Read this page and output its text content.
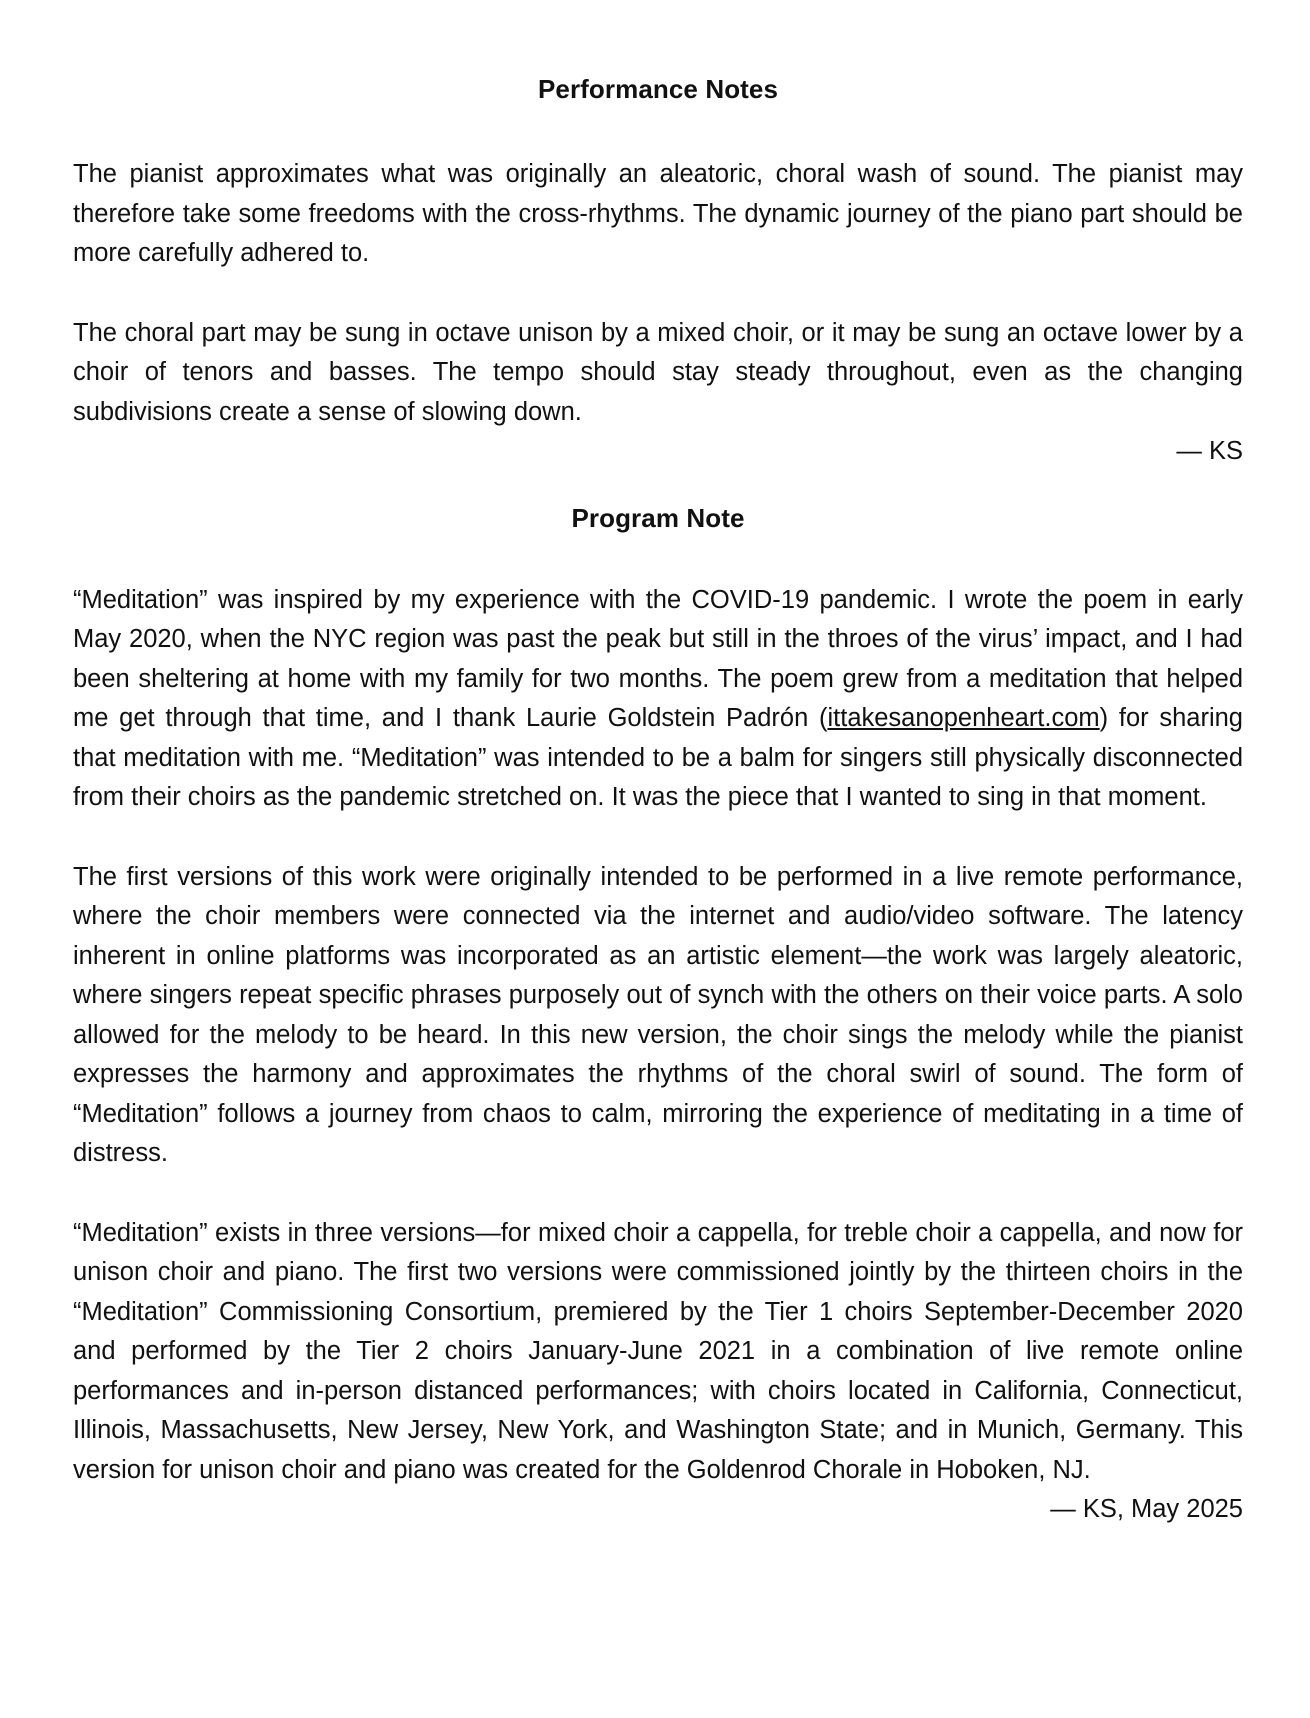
Performance Notes

The pianist approximates what was originally an aleatoric, choral wash of sound. The pianist may therefore take some freedoms with the cross-rhythms. The dynamic journey of the piano part should be more carefully adhered to.

The choral part may be sung in octave unison by a mixed choir, or it may be sung an octave lower by a choir of tenors and basses. The tempo should stay steady throughout, even as the changing subdivisions create a sense of slowing down.

— KS
Program Note

“Meditation” was inspired by my experience with the COVID-19 pandemic. I wrote the poem in early May 2020, when the NYC region was past the peak but still in the throes of the virus’ impact, and I had been sheltering at home with my family for two months. The poem grew from a meditation that helped me get through that time, and I thank Laurie Goldstein Padrón (ittakesanopenheart.com) for sharing that meditation with me. “Meditation” was intended to be a balm for singers still physically disconnected from their choirs as the pandemic stretched on. It was the piece that I wanted to sing in that moment.

The first versions of this work were originally intended to be performed in a live remote performance, where the choir members were connected via the internet and audio/video software. The latency inherent in online platforms was incorporated as an artistic element—the work was largely aleatoric, where singers repeat specific phrases purposely out of synch with the others on their voice parts. A solo allowed for the melody to be heard. In this new version, the choir sings the melody while the pianist expresses the harmony and approximates the rhythms of the choral swirl of sound. The form of “Meditation” follows a journey from chaos to calm, mirroring the experience of meditating in a time of distress.

“Meditation” exists in three versions—for mixed choir a cappella, for treble choir a cappella, and now for unison choir and piano. The first two versions were commissioned jointly by the thirteen choirs in the “Meditation” Commissioning Consortium, premiered by the Tier 1 choirs September-December 2020 and performed by the Tier 2 choirs January-June 2021 in a combination of live remote online performances and in-person distanced performances; with choirs located in California, Connecticut, Illinois, Massachusetts, New Jersey, New York, and Washington State; and in Munich, Germany. This version for unison choir and piano was created for the Goldenrod Chorale in Hoboken, NJ.

— KS, May 2025
